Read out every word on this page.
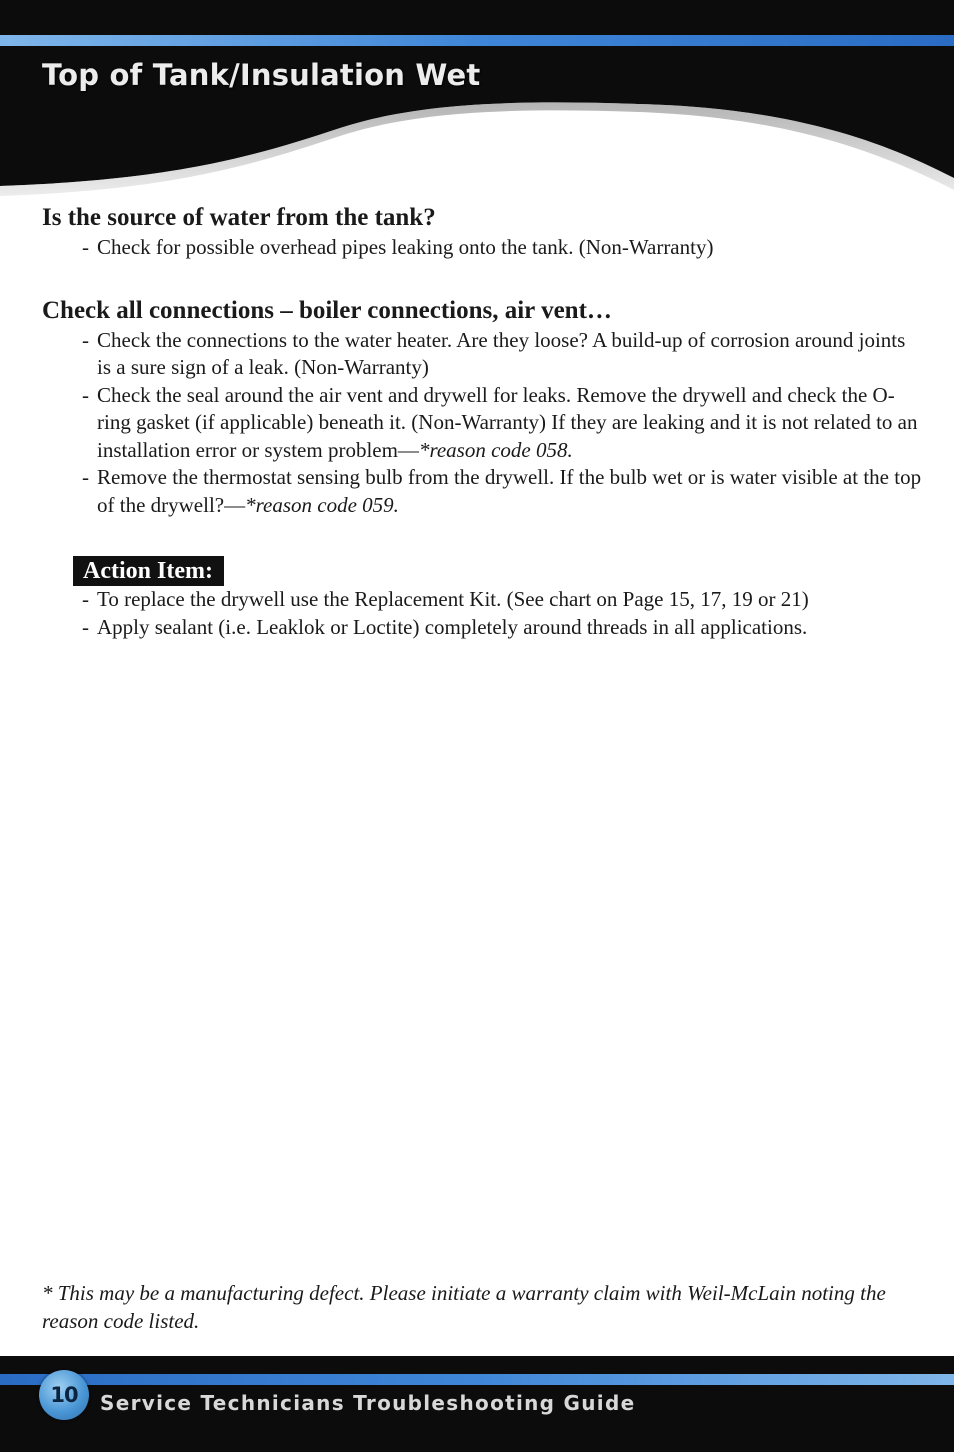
Top of Tank/Insulation Wet
Is the source of water from the tank?
- Check for possible overhead pipes leaking onto the tank. (Non-Warranty)
Check all connections – boiler connections, air vent…
- Check the connections to the water heater. Are they loose? A build-up of corrosion around joints is a sure sign of a leak. (Non-Warranty)
- Check the seal around the air vent and drywell for leaks. Remove the drywell and check the O-ring gasket (if applicable) beneath it. (Non-Warranty) If they are leaking and it is not related to an installation error or system problem—*reason code 058.
- Remove the thermostat sensing bulb from the drywell. If the bulb wet or is water visible at the top of the drywell?—*reason code 059.
Action Item:
- To replace the drywell use the Replacement Kit. (See chart on Page 15, 17, 19 or 21)
- Apply sealant (i.e. Leaklok or Loctite) completely around threads in all applications.

* This may be a manufacturing defect. Please initiate a warranty claim with Weil-McLain noting the reason code listed.

10	Service Technicians Troubleshooting Guide
